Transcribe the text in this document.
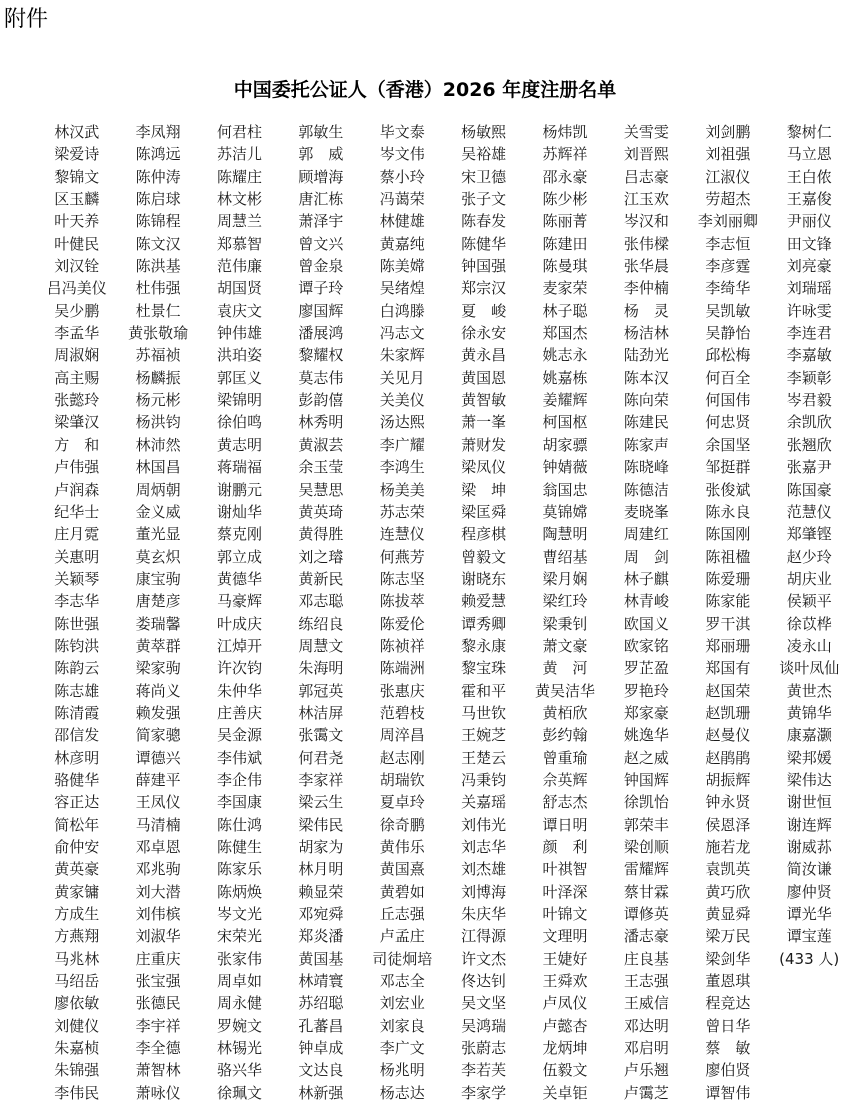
附件
中国委托公证人（香港）2026 年度注册名单
林汉武	李凤翔	何君柱	郭敏生	毕文泰	杨敏熙	杨炜凯	关雪雯	刘剑鹏	黎树仁
梁爱诗	陈鸿远	苏洁儿	郭　威	岑文伟	吴裕雄	苏辉祥	刘晋熙	刘祖强	马立恩
黎锦文	陈仲涛	陈耀庄	顾增海	蔡小玲	宋卫德	邵永豪	吕志豪	江淑仪	王白侬
区玉麟	陈启球	林文彬	唐汇栋	冯蔼荣	张子文	陈少彬	江玉欢	劳超杰	王嘉俊
叶天养	陈锦程	周慧兰	萧泽宇	林健雄	陈春发	陈丽菁	岑汉和	李刘丽卿	尹丽仪
叶健民	陈文汉	郑慕智	曾文兴	黄嘉纯	陈健华	陈建田	张伟樑	李志恒	田文锋
刘汉铨	陈洪基	范伟廉	曾金泉	陈美嫦	钟国强	陈曼琪	张华晨	李彦霆	刘亮豪
吕冯美仪	杜伟强	胡国贤	谭子玲	吴绪煌	郑宗汉	麦家荣	李仲楠	李绮华	刘瑞瑶
吴少鹏	杜景仁	袁庆文	廖国辉	白鸿滕	夏　峻	林子聪	杨　灵	吴凯敏	许咏雯
李孟华	黄张敬瑜	钟伟雄	潘展鸿	冯志文	徐永安	郑国杰	杨洁林	吴静怡	李连君
周淑娴	苏福祯	洪珀姿	黎耀权	朱家辉	黄永昌	姚志永	陆劲光	邱松梅	李嘉敏
高主赐	杨麟振	郭匡义	莫志伟	关见月	黄国恩	姚嘉栋	陈本汉	何百全	李颖彰
张懿玲	杨元彬	梁锦明	彭韵僖	关美仪	黄智敏	姜耀辉	陈向荣	何国伟	岑君毅
梁肇汉	杨洪钧	徐伯鸣	林秀明	汤达熙	萧一峯	柯国枢	陈建民	何忠贤	余凯欣
方　和	林沛然	黄志明	黄淑芸	李广耀	萧财发	胡家骠	陈家声	余国坚	张翘欣
卢伟强	林国昌	蒋瑞福	余玉莹	李鸿生	梁凤仪	钟婧薇	陈晓峰	邹挺群	张嘉尹
卢润森	周炳朝	谢鹏元	吴慧思	杨美美	梁　坤	翁国忠	陈德洁	张俊斌	陈国豪
纪华士	金义威	谢灿华	黄英琦	苏志荣	梁匡舜	莫锦嫦	麦晓峯	陈永良	范慧仪
庄月霓	董光显	蔡克刚	黄得胜	连慧仪	程彦棋	陶慧明	周建红	陈国刚	郑肇铿
关惠明	莫玄炽	郭立成	刘之璿	何燕芳	曾毅文	曹绍基	周　剑	陈祖楹	赵少玲
关颖琴	康宝驹	黄德华	黄新民	陈志坚	谢晓东	梁月娴	林子麒	陈爱珊	胡庆业
李志华	唐楚彦	马豪辉	邓志聪	陈拔萃	赖爱慧	梁红玲	林青峻	陈家能	侯颖平
陈世强	娄瑞馨	叶成庆	练绍良	陈爱伦	谭秀卿	梁秉钊	欧国义	罗干淇	徐苡桦
陈钧洪	黄萃群	江焯开	周慧文	陈祯祥	黎永康	萧文豪	欧家铭	郑丽珊	凌永山
陈韵云	梁家驹	许次钧	朱海明	陈端洲	黎宝珠	黄　河	罗芷盈	郑国有	谈叶凤仙
陈志雄	蒋尚义	朱仲华	郭冠英	张惠庆	霍和平	黄吴洁华	罗艳玲	赵国荣	黄世杰
陈清霞	赖发强	庄善庆	林洁屏	范碧枝	马世钦	黄栢欣	郑家豪	赵凯珊	黄锦华
邵信发	简家骢	吴金源	张霭文	周淬昌	王婉芝	彭约翰	姚逸华	赵曼仪	康嘉灏
林彦明	谭德兴	李伟斌	何君尧	赵志刚	王楚云	曾重瑜	赵之威	赵鹃鹃	梁邦媛
骆健华	薛建平	李企伟	李家祥	胡瑞钦	冯秉钧	佘英辉	钟国辉	胡振辉	梁伟达
容正达	王凤仪	李国康	梁云生	夏卓玲	关嘉瑶	舒志杰	徐凯怡	钟永贤	谢世恒
简松年	马清楠	陈仕鸿	梁伟民	徐奇鹏	刘伟光	谭日明	郭荣丰	侯恩泽	谢连辉
俞仲安	邓卓恩	陈健生	胡家为	黄伟乐	刘志华	颜　利	梁创顺	施若龙	谢威荪
黄英豪	邓兆驹	陈家乐	林月明	黄国熹	刘杰雄	叶祺智	雷耀辉	袁凯英	简汝谦
黄家镛	刘大潜	陈炳焕	赖显荣	黄碧如	刘博海	叶泽深	蔡甘霖	黄巧欣	廖仲贤
方成生	刘伟槟	岑文光	邓宛舜	丘志强	朱庆华	叶锦文	谭修英	黄显舜	谭光华
方燕翔	刘淑华	宋荣光	郑炎潘	卢孟庄	江得源	文理明	潘志豪	梁万民	谭宝莲
马兆林	庄重庆	张家伟	黄国基	司徒炯培	许文杰	王婕好	庄良基	梁剑华	(433 人)
马绍岳	张宝强	周卓如	林靖寰	邓志全	佟达钊	王舜欢	王志强	董恩琪
廖依敏	张德民	周永健	苏绍聪	刘宏业	吴文坚	卢凤仪	王威信	程竞达
刘健仪	李宇祥	罗婉文	孔蕃昌	刘家良	吴鸿瑞	卢懿杏	邓达明	曾日华
朱嘉桢	李全德	林锡光	钟卓成	李广文	张蔚志	龙炳坤	邓启明	蔡　敏
朱锦强	萧智林	骆兴华	文达良	杨兆明	李若芙	伍毅文	卢乐翘	廖伯贤
李伟民	萧咏仪	徐珮文	林新强	杨志达	李家学	关卓钜	卢霭芝	谭智伟
